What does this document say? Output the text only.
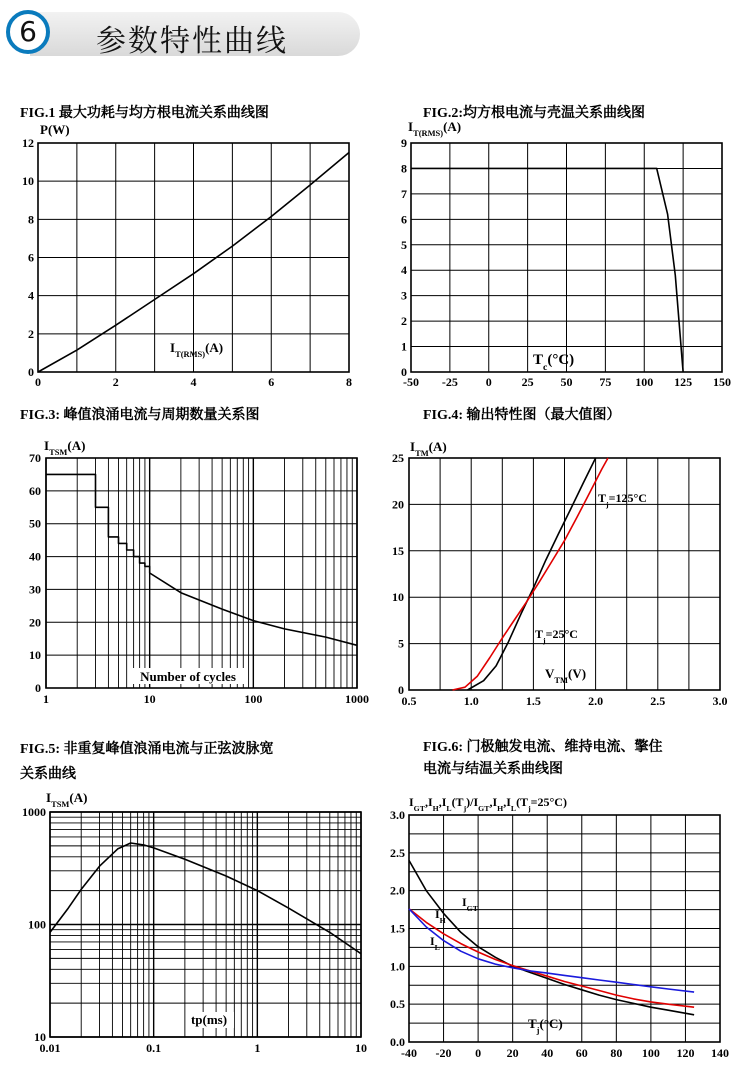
6	参数特性曲线
FIG.1 最大功耗与均方根电流关系曲线图	FIG.2:均方根电流与壳温关系曲线图
FIG.3: 峰值浪涌电流与周期数量关系图	FIG.4: 输出特性图（最大值图）
FIG.5: 非重复峰值浪涌电流与正弦波脉宽
关系曲线
FIG.6: 门极触发电流、维持电流、擎住
电流与结温关系曲线图
0	2	4	6	8
0
2
4
6
8
10
12
P(W)
$I_{T(RMS)}(A)$
-50 -25 0 25 50 75 100 125 150
0
1
2
3
4
5
6
7
8
9
$I_{T(RMS)}(A)$
$T_c(^\circ C)$
1	10	100	1000
0
10
20
30
40
50
60
70
$I_{TSM}(A)$
Number of cycles
0.5	1.0	1.5	2.0	2.5	3.0
0
5
10
15
20
25
$I_{TM}(A)$
$V_{TM}(V)$
$T_j=125^\circ C$
$T_j=25^\circ C$
0.01	0.1	1	10
10
100
1000
$I_{TSM}(A)$
tp(ms)
-40 -20 0 20 40 60 80 100 120 140
0.0
0.5
1.0
1.5
2.0
2.5
3.0
$I_{GT},I_H,I_L(T_j)/I_{GT},I_H,I_L(T_j=25^\circ C)$
$T_j(^\circ C)$
$I_{GT}$
$I_H$
$I_L$
